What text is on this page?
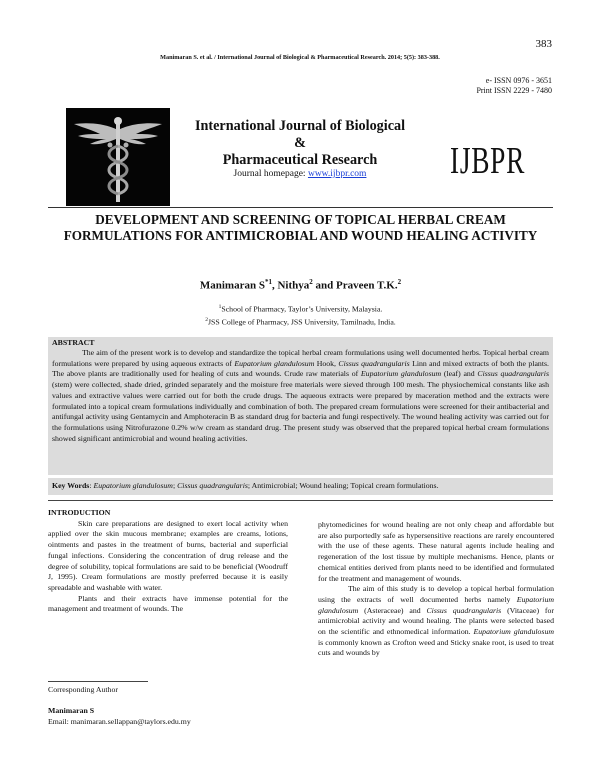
383
Manimaran S. et al. / International Journal of Biological & Pharmaceutical Research. 2014; 5(5): 383-388.
e- ISSN 0976 - 3651
Print ISSN 2229 - 7480
International Journal of Biological
&
Pharmaceutical Research
Journal homepage: www.ijbpr.com	IJBPR
DEVELOPMENT AND SCREENING OF TOPICAL HERBAL CREAM FORMULATIONS FOR ANTIMICROBIAL AND WOUND HEALING ACTIVITY
Manimaran $S^{*1}$, Nithya$^2$ and Praveen T.K.$^2$
$^1$School of Pharmacy, Taylor’s University, Malaysia.
$^2$JSS College of Pharmacy, JSS University, Tamilnadu, India.
ABSTRACT

The aim of the present work is to develop and standardize the topical herbal cream formulations using well documented herbs. Topical herbal cream formulations were prepared by using aqueous extracts of Eupatorium glandulosum Hook, Cissus quadrangularis Linn and mixed extracts of both the plants. The above plants are traditionally used for healing of cuts and wounds. Crude raw materials of Eupatorium glandulosum (leaf) and Cissus quadrangularis (stem) were collected, shade dried, grinded separately and the moisture free materials were sieved through 100 mesh. The physiochemical constants like ash values and extractive values were carried out for both the crude drugs. The aqueous extracts were prepared by maceration method and the extracts were formulated into a topical cream formulations individually and combination of both. The prepared cream formulations were screened for their antibacterial and antifungal activity using Gentamycin and Amphoteracin B as standard drug for bacteria and fungi respectively. The wound healing activity was carried out for the formulations using Nitrofurazone 0.2% w/w cream as standard drug. The present study was observed that the prepared topical herbal cream formulations showed significant antimicrobial and wound healing activities.

Key Words: Eupatorium glandulosum; Cissus quadrangularis; Antimicrobial; Wound healing; Topical cream formulations.

INTRODUCTION

Skin care preparations are designed to exert local activity when applied over the skin mucous membrane; examples are creams, lotions, ointments and pastes in the treatment of burns, bacterial and superficial fungal infections. Considering the concentration of drug release and the degree of solubility, topical formulations are said to be beneficial (Woodruff J, 1995). Cream formulations are mostly preferred because it is easily spreadable and washable with water.

Plants and their extracts have immense potential for the management and treatment of wounds. The

Corresponding Author
Manimaran S
Email: manimaran.sellappan@taylors.edu.my

phytomedicines for wound healing are not only cheap and affordable but are also purportedly safe as hypersensitive reactions are rarely encountered with the use of these agents. These natural agents include healing and regeneration of the lost tissue by multiple mechanisms. Hence, plants or chemical entities derived from plants need to be identified and formulated for the treatment and management of wounds.

The aim of this study is to develop a topical herbal formulation using the extracts of well documented herbs namely Eupatorium glandulosum (Asteraceae) and Cissus quadrangularis (Vitaceae) for antimicrobial activity and wound healing. The plants were selected based on the scientific and ethnomedical information. Eupatorium glandulosum is commonly known as Crofton weed and Sticky snake root, is used to treat cuts and wounds by
